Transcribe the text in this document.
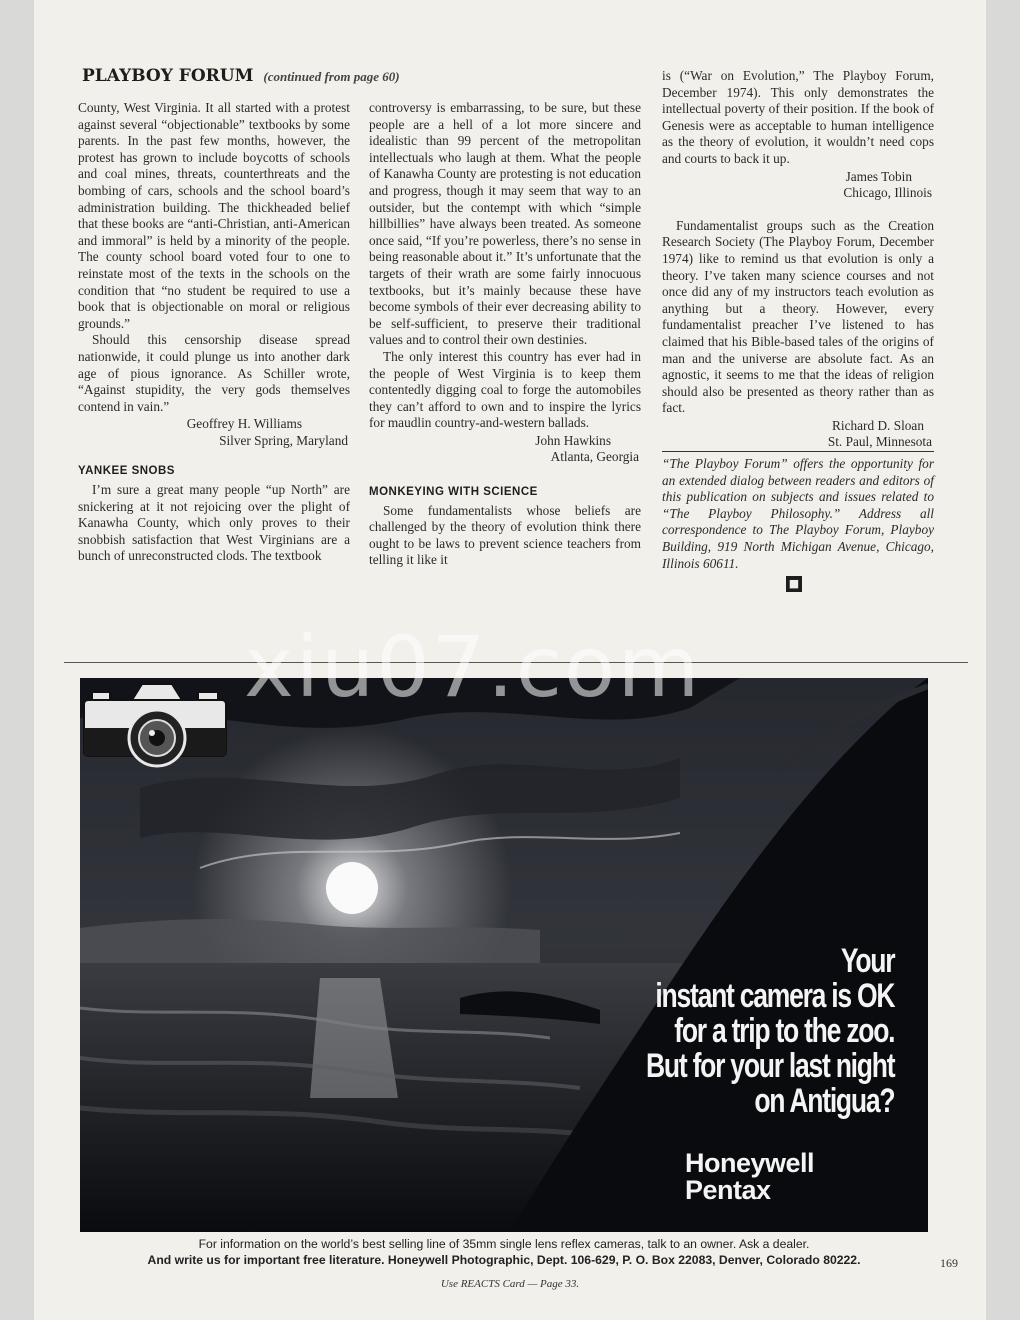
PLAYBOY FORUM (continued from page 60)

County, West Virginia. It all started with a protest against several “objectionable” textbooks by some parents. In the past few months, however, the protest has grown to include boycotts of schools and coal mines, threats, counterthreats and the bombing of cars, schools and the school board’s administration building. The thickheaded belief that these books are “anti-Christian, anti-American and immoral” is held by a minority of the people. The county school board voted four to one to reinstate most of the texts in the schools on the condition that “no student be required to use a book that is objectionable on moral or religious grounds.”

Should this censorship disease spread nationwide, it could plunge us into another dark age of pious ignorance. As Schiller wrote, “Against stupidity, the very gods themselves contend in vain.”

Geoffrey H. Williams
Silver Spring, Maryland
YANKEE SNOBS

I’m sure a great many people “up North” are snickering at it not rejoicing over the plight of Kanawha County, which only proves to their snobbish satisfaction that West Virginians are a bunch of unreconstructed clods. The textbook

controversy is embarrassing, to be sure, but these people are a hell of a lot more sincere and idealistic than 99 percent of the metropolitan intellectuals who laugh at them. What the people of Kanawha County are protesting is not education and progress, though it may seem that way to an outsider, but the contempt with which “simple hillbillies” have always been treated. As someone once said, “If you’re powerless, there’s no sense in being reasonable about it.” It’s unfortunate that the targets of their wrath are some fairly innocuous textbooks, but it’s mainly because these have become symbols of their ever decreasing ability to be self-sufficient, to preserve their traditional values and to control their own destinies.

The only interest this country has ever had in the people of West Virginia is to keep them contentedly digging coal to forge the automobiles they can’t afford to own and to inspire the lyrics for maudlin country-and-western ballads.

John Hawkins
Atlanta, Georgia
MONKEYING WITH SCIENCE

Some fundamentalists whose beliefs are challenged by the theory of evolution think there ought to be laws to prevent science teachers from telling it like it

is (“War on Evolution,” The Playboy Forum, December 1974). This only demonstrates the intellectual poverty of their position. If the book of Genesis were as acceptable to human intelligence as the theory of evolution, it wouldn’t need cops and courts to back it up.

James Tobin
Chicago, Illinois

Fundamentalist groups such as the Creation Research Society (The Playboy Forum, December 1974) like to remind us that evolution is only a theory. I’ve taken many science courses and not once did any of my instructors teach evolution as anything but a theory. However, every fundamentalist preacher I’ve listened to has claimed that his Bible-based tales of the origins of man and the universe are absolute fact. As an agnostic, it seems to me that the ideas of religion should also be presented as theory rather than as fact.

Richard D. Sloan
St. Paul, Minnesota

“The Playboy Forum” offers the opportunity for an extended dialog between readers and editors of this publication on subjects and issues related to “The Playboy Philosophy.” Address all correspondence to The Playboy Forum, Playboy Building, 919 North Michigan Avenue, Chicago, Illinois 60611.

■
Your
instant camera is OK
for a trip to the zoo.
But for your last night
on Antigua?
Honeywell
Pentax
For information on the world’s best selling line of 35mm single lens reflex cameras, talk to an owner. Ask a dealer.
And write us for important free literature. Honeywell Photographic, Dept. 106-629, P. O. Box 22083, Denver, Colorado 80222.	169
Use REACTS Card — Page 33.
xiu07.com
